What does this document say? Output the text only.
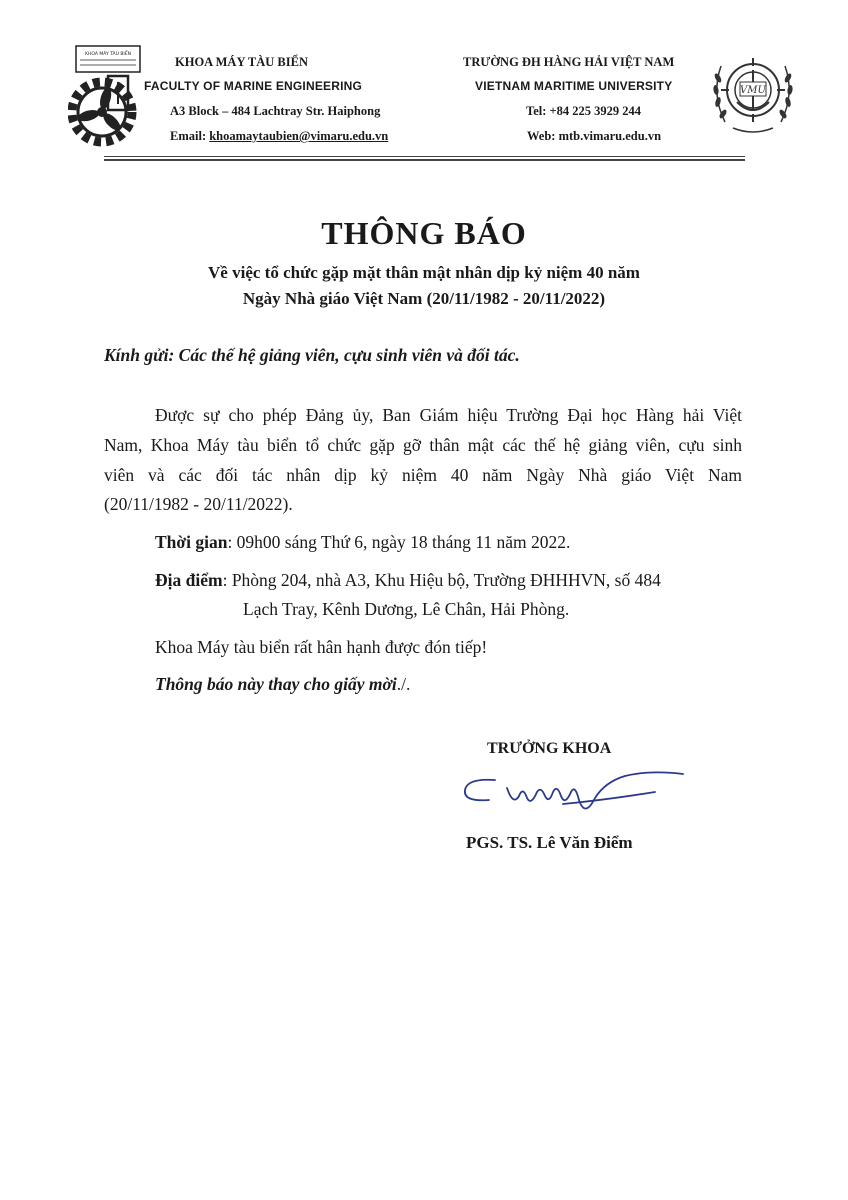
KHOA MÁY TÀU BIỂN
KHOA MÁY TÀU BIỂN
FACULTY OF MARINE ENGINEERING
A3 Block – 484 Lachtray Str. Haiphong
Email: khoamaytaubien@vimaru.edu.vn
TRƯỜNG ĐH HÀNG HẢI VIỆT NAM
VIETNAM MARITIME UNIVERSITY
Tel: +84 225 3929 244
Web: mtb.vimaru.edu.vn
VMU
THÔNG BÁO
Về việc tổ chức gặp mặt thân mật nhân dịp kỷ niệm 40 năm
Ngày Nhà giáo Việt Nam (20/11/1982 - 20/11/2022)
Kính gửi: Các thế hệ giảng viên, cựu sinh viên và đối tác.
Được sự cho phép Đảng ủy, Ban Giám hiệu Trường Đại học Hàng hải Việt
Nam, Khoa Máy tàu biển tổ chức gặp gỡ thân mật các thế hệ giảng viên, cựu sinh
viên và các đối tác nhân dịp kỷ niệm 40 năm Ngày Nhà giáo Việt Nam
(20/11/1982 - 20/11/2022).
Thời gian: 09h00 sáng Thứ 6, ngày 18 tháng 11 năm 2022.
Địa điểm: Phòng 204, nhà A3, Khu Hiệu bộ, Trường ĐHHHVN, số 484
Lạch Tray, Kênh Dương, Lê Chân, Hải Phòng.
Khoa Máy tàu biển rất hân hạnh được đón tiếp!
Thông báo này thay cho giấy mời./.
TRƯỞNG KHOA
PGS. TS. Lê Văn Điểm
